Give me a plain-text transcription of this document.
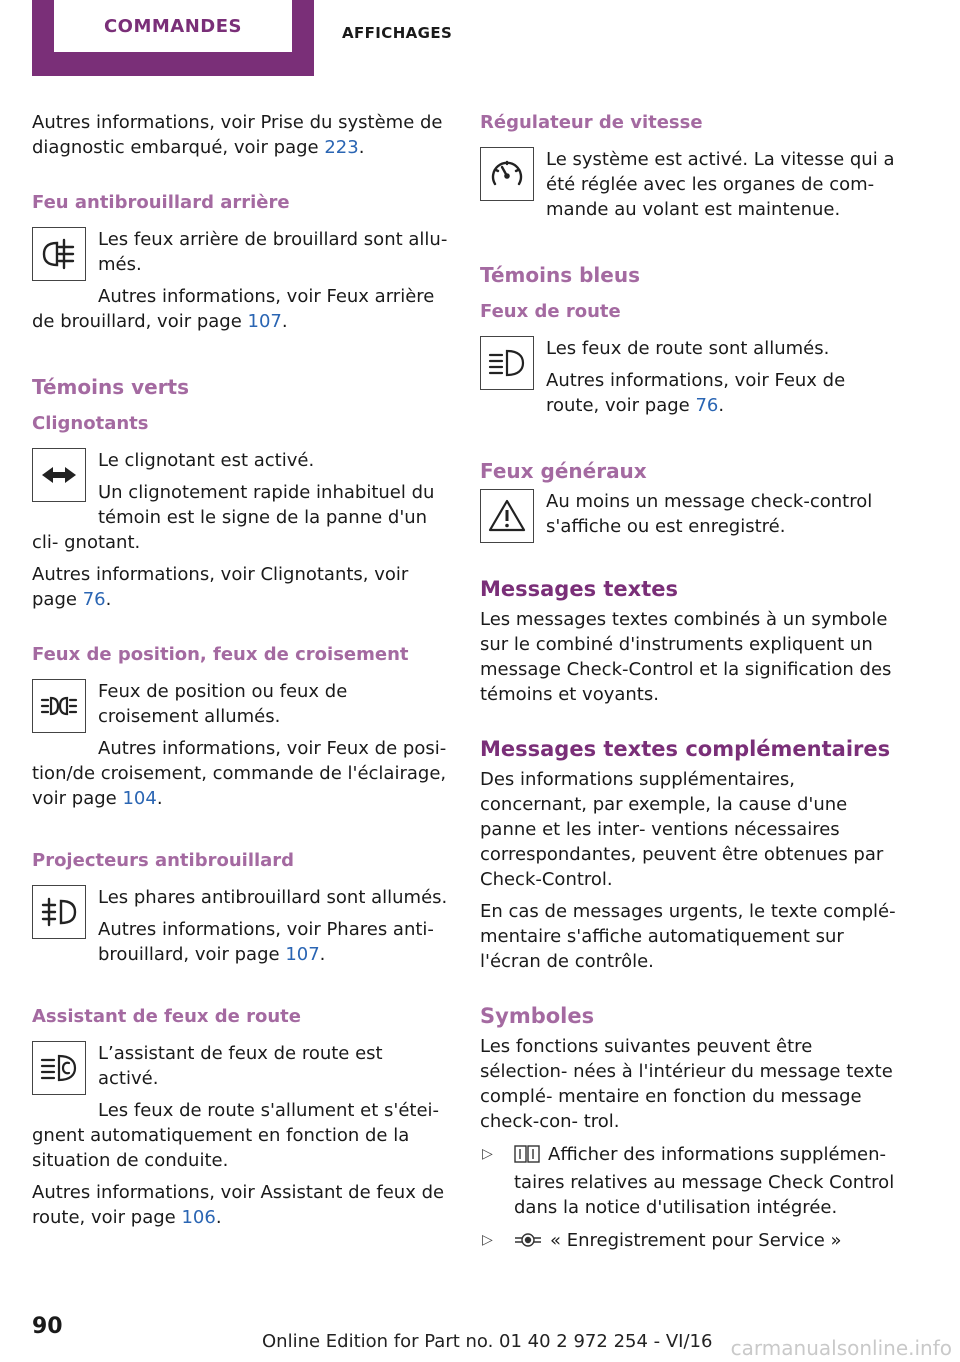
COMMANDES	AFFICHAGES

Autres informations, voir Prise du système de diagnostic embarqué, voir page 223.

Feu antibrouillard arrière

Les feux arrière de brouillard sont allu‐ més.

Autres informations, voir Feux arrière de brouillard, voir page 107.

Témoins verts
Clignotants

Le clignotant est activé.

Un clignotement rapide inhabituel du témoin est le signe de la panne d'un cli‐ gnotant.

Autres informations, voir Clignotants, voir page 76.

Feux de position, feux de croisement

Feux de position ou feux de croisement allumés.

Autres informations, voir Feux de posi‐ tion/de croisement, commande de l'éclairage, voir page 104.

Projecteurs antibrouillard

Les phares antibrouillard sont allumés.

Autres informations, voir Phares anti‐ brouillard, voir page 107.

Assistant de feux de route

L’assistant de feux de route est activé.

Les feux de route s'allument et s'étei‐ gnent automatiquement en fonction de la situation de conduite.

Autres informations, voir Assistant de feux de route, voir page 106.

Régulateur de vitesse

Le système est activé. La vitesse qui a été réglée avec les organes de com‐ mande au volant est maintenue.

Témoins bleus
Feux de route

Les feux de route sont allumés.

Autres informations, voir Feux de route, voir page 76.

Feux généraux

Au moins un message check-control s'affiche ou est enregistré.

Messages textes

Les messages textes combinés à un symbole sur le combiné d'instruments expliquent un message Check-Control et la signification des témoins et voyants.

Messages textes complémentaires

Des informations supplémentaires, concernant, par exemple, la cause d'une panne et les inter‐ ventions nécessaires correspondantes, peuvent être obtenues par Check-Control.

En cas de messages urgents, le texte complé‐ mentaire s'affiche automatiquement sur l'écran de contrôle.

Symboles

Les fonctions suivantes peuvent être sélection‐ nées à l'intérieur du message texte complé‐ mentaire en fonction du message check-con‐ trol.

▷	Afficher des informations supplémen‐ taires relatives au message Check Control dans la notice d'utilisation intégrée.
▷	« Enregistrement pour Service »
90
Online Edition for Part no. 01 40 2 972 254 - VI/16 carmanualsonline.info
